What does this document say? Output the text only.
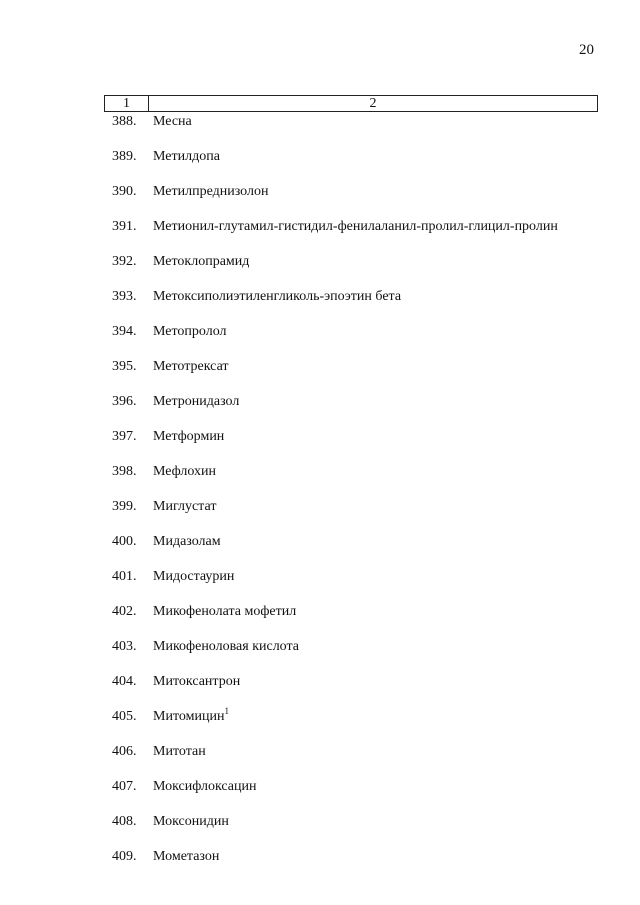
20
1	2
388. Месна
389. Метилдопа
390. Метилпреднизолон
391. Метионил-глутамил-гистидил-фенилаланил-пролил-глицил-пролин
392. Метоклопрамид
393. Метоксиполиэтиленгликоль-эпоэтин бета
394. Метопролол
395. Метотрексат
396. Метронидазол
397. Метформин
398. Мефлохин
399. Миглустат
400. Мидазолам
401. Мидостаурин
402. Микофенолата мофетил
403. Микофеноловая кислота
404. Митоксантрон
405. Митомицин$^1$
406. Митотан
407. Моксифлоксацин
408. Моксонидин
409. Мометазон
